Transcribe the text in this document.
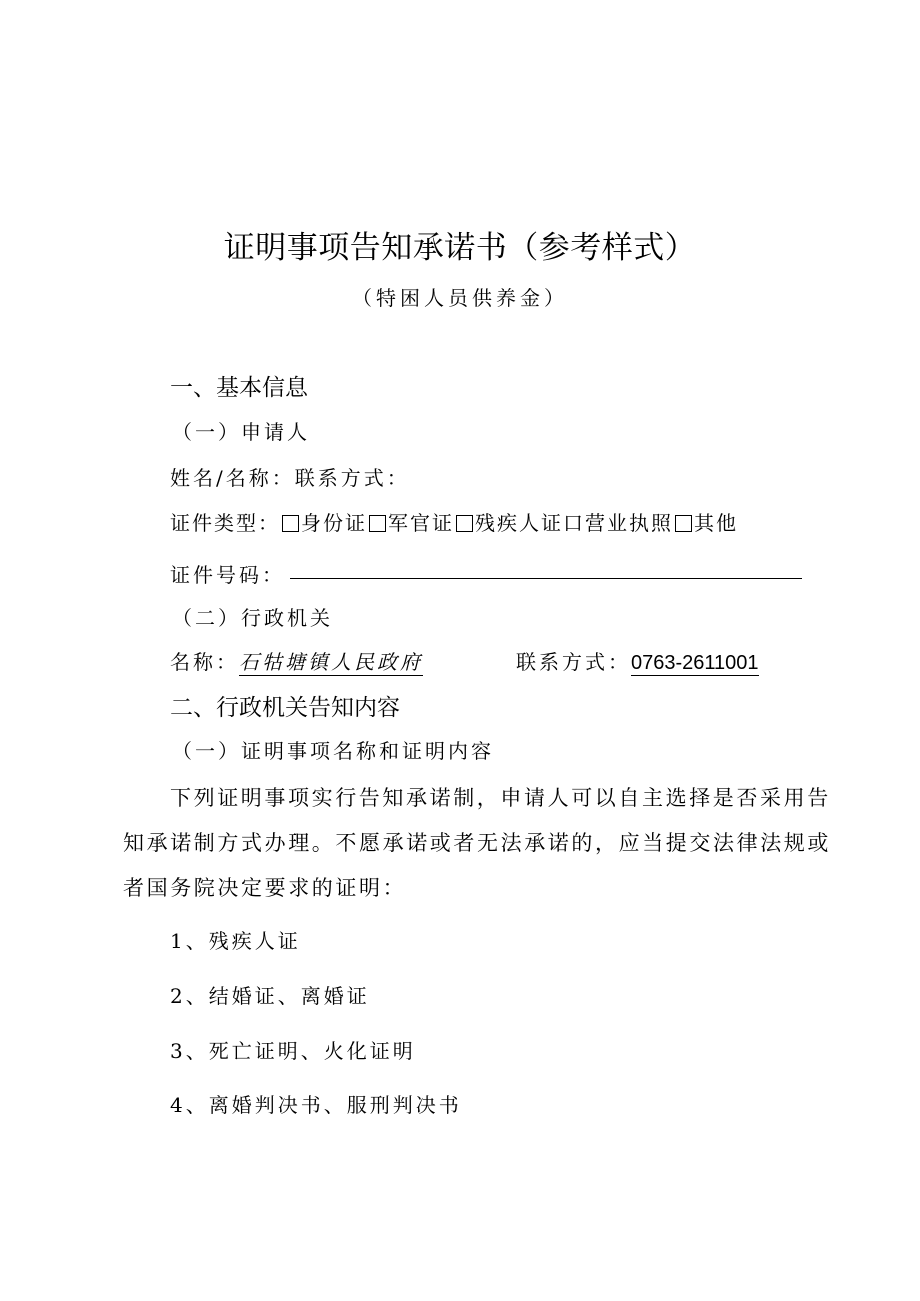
证明事项告知承诺书（参考样式）
（特困人员供养金）
一、基本信息
（一）申请人
姓名/名称：联系方式：
证件类型： 身份证 军官证 残疾人证口营业执照 其他
证件号码：
（二）行政机关
名称：石牯塘镇人民政府	联系方式：0763-2611001
二、行政机关告知内容
（一）证明事项名称和证明内容
下列证明事项实行告知承诺制，申请人可以自主选择是否采用告
知承诺制方式办理。不愿承诺或者无法承诺的，应当提交法律法规或
者国务院决定要求的证明：
1、残疾人证
2、结婚证、离婚证
3、死亡证明、火化证明
4、离婚判决书、服刑判决书
